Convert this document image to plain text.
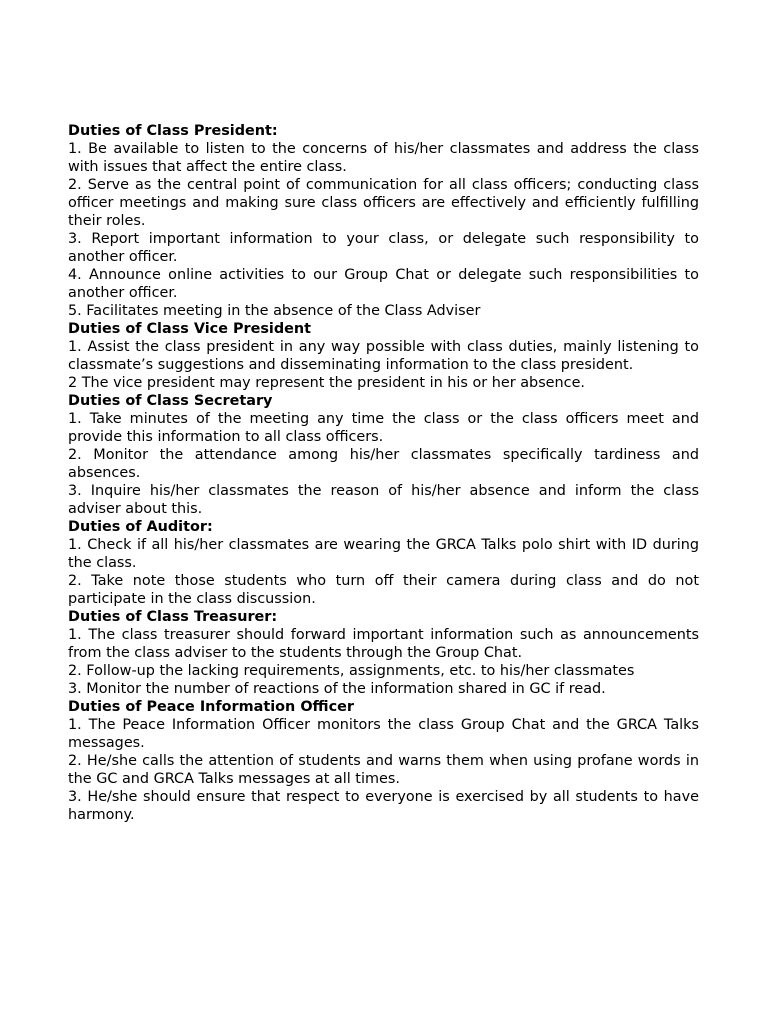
Duties of Class President:

1. Be available to listen to the concerns of his/her classmates and address the class with issues that affect the entire class.

2. Serve as the central point of communication for all class officers; conducting class officer meetings and making sure class officers are effectively and efficiently fulfilling their roles.

3. Report important information to your class, or delegate such responsibility to another officer.

4. Announce online activities to our Group Chat or delegate such responsibilities to another officer.

5. Facilitates meeting in the absence of the Class Adviser

Duties of Class Vice President

1. Assist the class president in any way possible with class duties, mainly listening to classmate’s suggestions and disseminating information to the class president.

2 The vice president may represent the president in his or her absence.

Duties of Class Secretary

1. Take minutes of the meeting any time the class or the class officers meet and provide this information to all class officers.

2. Monitor the attendance among his/her classmates specifically tardiness and absences.

3. Inquire his/her classmates the reason of his/her absence and inform the class adviser about this.

Duties of Auditor:

1. Check if all his/her classmates are wearing the GRCA Talks polo shirt with ID during the class.

2. Take note those students who turn off their camera during class and do not participate in the class discussion.

Duties of Class Treasurer:

1. The class treasurer should forward important information such as announcements from the class adviser to the students through the Group Chat.

2. Follow-up the lacking requirements, assignments, etc. to his/her classmates

3. Monitor the number of reactions of the information shared in GC if read.

Duties of Peace Information Officer

1. The Peace Information Officer monitors the class Group Chat and the GRCA Talks messages.

2. He/she calls the attention of students and warns them when using profane words in the GC and GRCA Talks messages at all times.

3. He/she should ensure that respect to everyone is exercised by all students to have harmony.
